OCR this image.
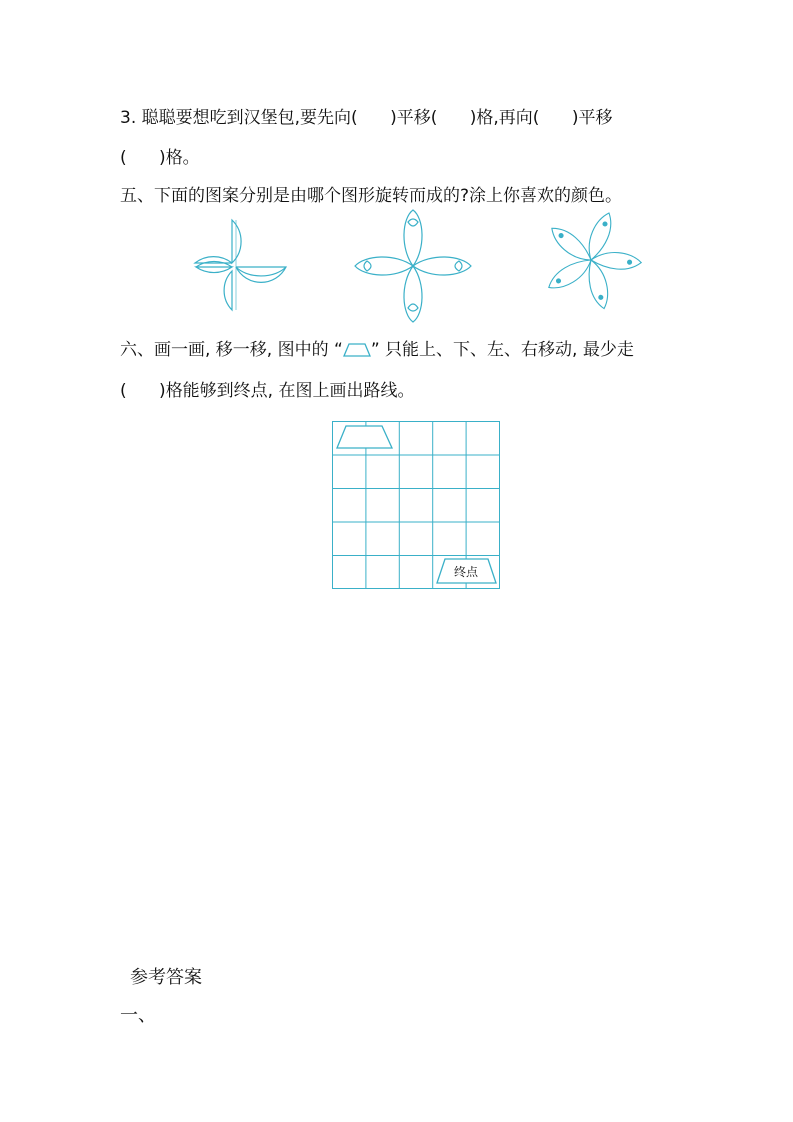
3. 聪聪要想吃到汉堡包,要先向(      )平移(      )格,再向(      )平移
(      )格。
五、下面的图案分别是由哪个图形旋转而成的?涂上你喜欢的颜色。
六、画一画, 移一移, 图中的 “ ” 只能上、下、左、右移动, 最少走
(      )格能够到终点, 在图上画出路线。
终点
参考答案
一、
